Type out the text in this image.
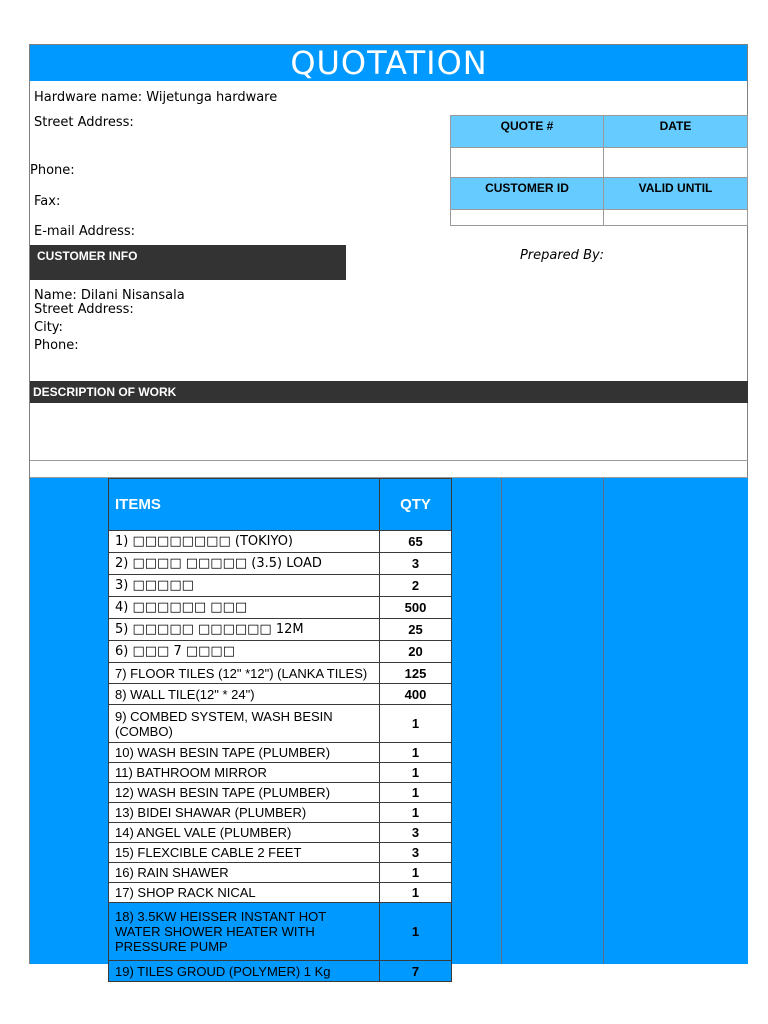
QUOTATION
Hardware name: Wijetunga hardware
Street Address:
Phone:
Fax:
E-mail Address:
QUOTE #	DATE
CUSTOMER ID	VALID UNTIL
CUSTOMER INFO	Prepared By:
Name: Dilani Nisansala
Street Address:
City:
Phone:
DESCRIPTION OF WORK
ITEMS	QTY
1) □□□□□□□□ (TOKIYO)	65
2) □□□□ □□□□□ (3.5) LOAD	3
3) □□□□□	2
4) □□□□□□ □□□	500
5) □□□□□ □□□□□□ 12M	25
6) □□□ 7 □□□□	20
7) FLOOR TILES (12" *12") (LANKA TILES)	125
8) WALL TILE(12" * 24")	400
9) COMBED SYSTEM, WASH BESIN (COMBO)	1
10) WASH BESIN TAPE (PLUMBER)	1
11) BATHROOM MIRROR	1
12) WASH BESIN TAPE (PLUMBER)	1
13) BIDEI SHAWAR (PLUMBER)	1
14) ANGEL VALE (PLUMBER)	3
15) FLEXCIBLE CABLE 2 FEET	3
16) RAIN SHAWER	1
17) SHOP RACK NICAL	1
18) 3.5KW HEISSER INSTANT HOT WATER SHOWER HEATER WITH PRESSURE PUMP	1
19) TILES GROUD (POLYMER) 1 Kg	7
